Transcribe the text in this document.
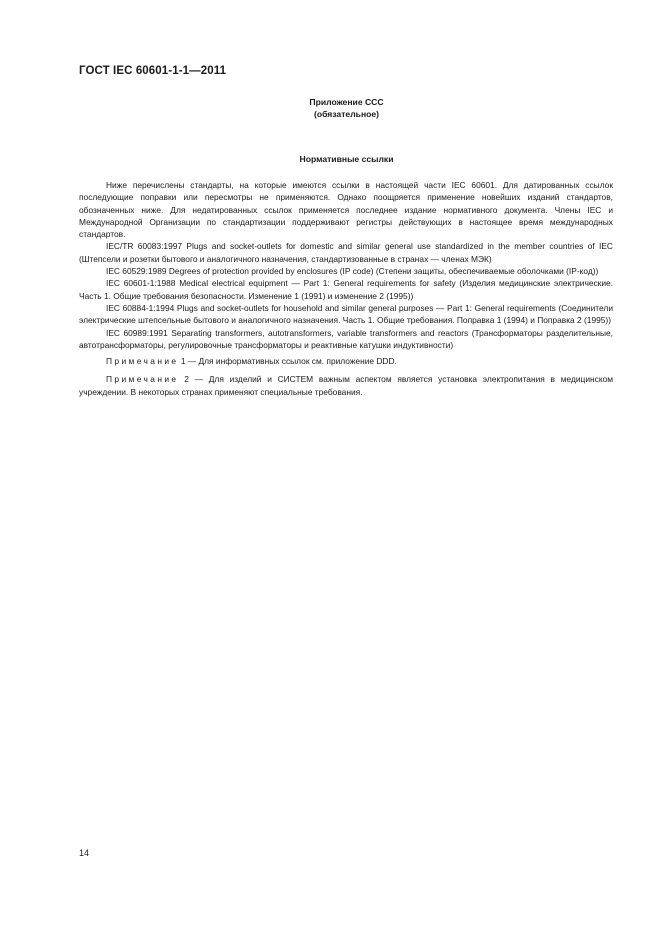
ГОСТ IEC 60601-1-1—2011
Приложение ССС
(обязательное)
Нормативные ссылки

Ниже перечислены стандарты, на которые имеются ссылки в настоящей части IEC 60601. Для датированных ссылок последующие поправки или пересмотры не применяются. Однако поощряется применение новейших изданий стандартов, обозначенных ниже. Для недатированных ссылок применяется последнее издание нормативного документа. Члены IEC и Международной Организации по стандартизации поддерживают регистры действующих в настоящее время международных стандартов.

IEC/TR 60083:1997 Plugs and socket-outlets for domestic and similar general use standardized in the member countries of IEC (Штепсели и розетки бытового и аналогичного назначения, стандартизованные в странах — членах МЭК)

IEC 60529:1989 Degrees of protection provided by enclosures (IP code) (Степени защиты, обеспечиваемые оболочками (IP-код))

IEC 60601-1:1988 Medical electrical equipment — Part 1: General requirements for safety (Изделия медицинские электрические. Часть 1. Общие требования безопасности. Изменение 1 (1991) и изменение 2 (1995))

IEC 60884-1:1994 Plugs and socket-outlets for household and similar general purposes — Part 1: General requirements (Соединители электрические штепсельные бытового и аналогичного назначения. Часть 1. Общие требования. Поправка 1 (1994) и Поправка 2 (1995))

IEC 60989:1991 Separating transformers, autotransformers, variable transformers and reactors (Трансформаторы разделительные, автотрансформаторы, регулировочные трансформаторы и реактивные катушки индуктивности)

Примечание 1 — Для информативных ссылок см. приложение DDD.

Примечание 2 — Для изделий и СИСТЕМ важным аспектом является установка электропитания в медицинском учреждении. В некоторых странах применяют специальные требования.

14
